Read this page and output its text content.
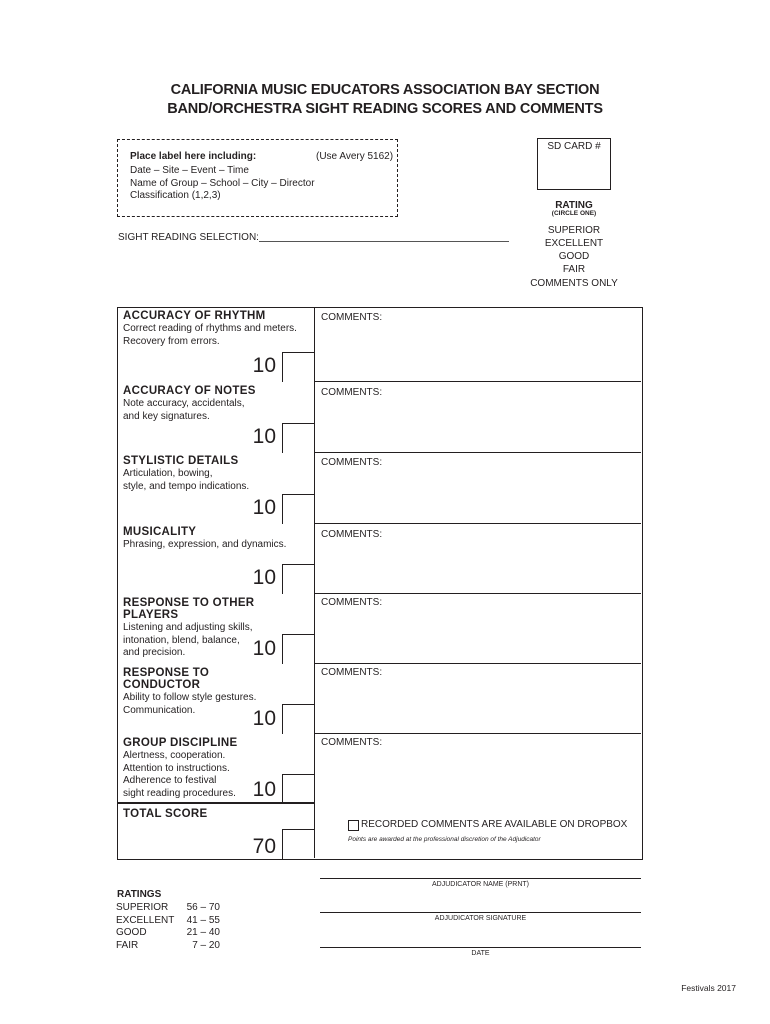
CALIFORNIA MUSIC EDUCATORS ASSOCIATION BAY SECTION
BAND/ORCHESTRA SIGHT READING SCORES AND COMMENTS
Place label here including:	(Use Avery 5162)
Date – Site – Event – Time
Name of Group – School – City – Director
Classification (1,2,3)
SD CARD #
RATING
(CIRCLE ONE)
SUPERIOR
EXCELLENT
GOOD
FAIR
COMMENTS ONLY
SIGHT READING SELECTION:
ACCURACY OF RHYTHM
Correct reading of rhythms and meters.
Recovery from errors.
10
COMMENTS:
ACCURACY OF NOTES
Note accuracy, accidentals,
and key signatures.
10
COMMENTS:
STYLISTIC DETAILS
Articulation, bowing,
style, and tempo indications.
10
COMMENTS:
MUSICALITY
Phrasing, expression, and dynamics.
10
COMMENTS:
RESPONSE TO OTHER PLAYERS
Listening and adjusting skills,
intonation, blend, balance,
and precision.	10
COMMENTS:
RESPONSE TO CONDUCTOR
Ability to follow style gestures.
Communication.	10
COMMENTS:
GROUP DISCIPLINE
Alertness, cooperation.
Attention to instructions.
Adherence to festival
sight reading procedures. 10
COMMENTS:
TOTAL SCORE
70
RECORDED COMMENTS ARE AVAILABLE ON DROPBOX
Points are awarded at the professional discretion of the Adjudicator
ADJUDICATOR NAME (PRNT)
ADJUDICATOR SIGNATURE
DATE
RATINGS
SUPERIOR	56 – 70
EXCELLENT	41 – 55
GOOD	21 – 40
FAIR	7 – 20
Festivals 2017
